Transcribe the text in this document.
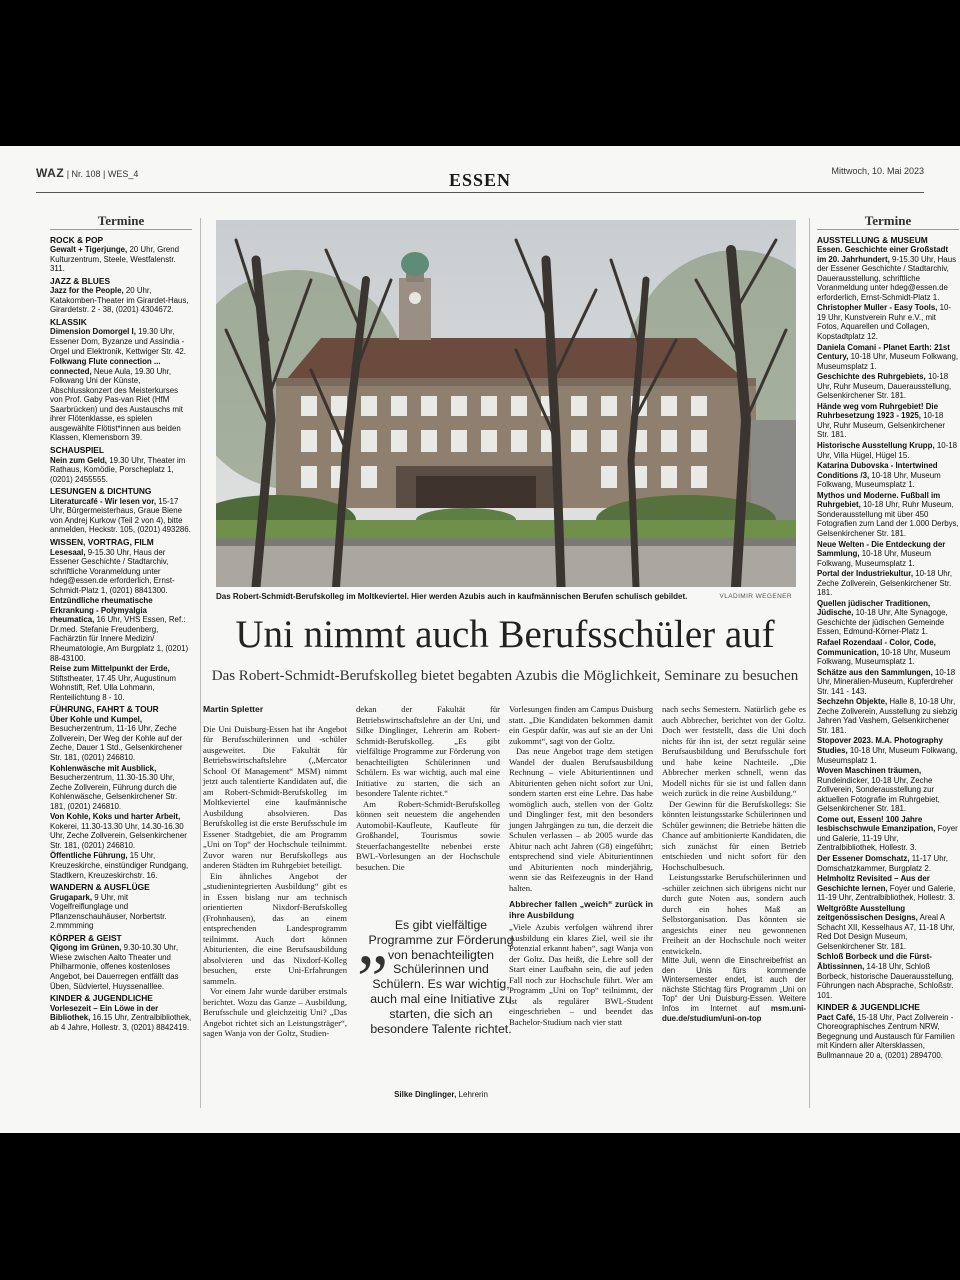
WAZ | Nr. 108 | WES_4	ESSEN	Mittwoch, 10. Mai 2023
Termine
ROCK & POP
Gewalt + Tigerjunge, 20 Uhr, Grend Kulturzentrum, Steele, Westfalenstr. 311.
JAZZ & BLUES
Jazz for the People, 20 Uhr, Katakomben-Theater im Girardet-Haus, Girardetstr. 2 - 38, (0201) 4304672.
KLASSIK
Dimension Domorgel I, 19.30 Uhr, Essener Dom, Byzanze und Assindia - Orgel und Elektronik, Kettwiger Str. 42.
Folkwang Flute connection ... connected, Neue Aula, 19.30 Uhr, Folkwang Uni der Künste, Abschlusskonzert des Meisterkurses von Prof. Gaby Pas-van Riet (HfM Saarbrücken) und des Austauschs mit ihrer Flötenklasse, es spielen ausgewählte Flötist*innen aus beiden Klassen, Klemensborn 39.
SCHAUSPIEL
Nein zum Geld, 19.30 Uhr, Theater im Rathaus, Komödie, Porscheplatz 1, (0201) 2455555.
LESUNGEN & DICHTUNG
Literaturcafé - Wir lesen vor, 15-17 Uhr, Bürgermeisterhaus, Graue Biene von Andrej Kurkow (Teil 2 von 4), bitte anmelden, Heckstr. 105, (0201) 493286.
WISSEN, VORTRAG, FILM
Lesesaal, 9-15.30 Uhr, Haus der Essener Geschichte / Stadtarchiv, schriftliche Voranmeldung unter hdeg@essen.de erforderlich, Ernst-Schmidt-Platz 1, (0201) 8841300.
Entzündliche rheumatische Erkrankung - Polymyalgia rheumatica, 16 Uhr, VHS Essen, Ref.: Dr.med. Stefanie Freudenberg, Fachärztin für Innere Medizin/ Rheumatologie, Am Burgplatz 1, (0201) 88-43100.
Reise zum Mittelpunkt der Erde, Stiftstheater, 17.45 Uhr, Augustinum Wohnstift, Ref. Ulla Lohmann, Renteilichtung 8 - 10.
FÜHRUNG, FAHRT & TOUR
Über Kohle und Kumpel, Besucherzentrum, 11-16 Uhr, Zeche Zollverein, Der Weg der Kohle auf der Zeche, Dauer 1 Std., Gelsenkirchener Str. 181, (0201) 246810.
Kohlenwäsche mit Ausblick, Besucherzentrum, 11.30-15.30 Uhr, Zeche Zollverein, Führung durch die Kohlenwäsche, Gelsenkirchener Str. 181, (0201) 246810.
Von Kohle, Koks und harter Arbeit, Kokerei, 11.30-13.30 Uhr, 14.30-16.30 Uhr, Zeche Zollverein, Gelsenkirchener Str. 181, (0201) 246810.
Öffentliche Führung, 15 Uhr, Kreuzeskirche, einstündiger Rundgang, Stadtkern, Kreuzeskirchstr. 16.
WANDERN & AUSFLÜGE
Grugapark, 9 Uhr, mit Vogelfreiflunglage und Pflanzenschauhäuser, Norbertstr. 2.mmmming
KÖRPER & GEIST
Qigong im Grünen, 9.30-10.30 Uhr, Wiese zwischen Aalto Theater und Philharmonie, offenes kostenloses Angebot, bei Dauerregen entfällt das Üben, Südviertel, Huyssenalllee.
KINDER & JUGENDLICHE
Vorlesezeit – Ein Löwe in der Bibliothek, 16.15 Uhr, Zentralbibliothek, ab 4 Jahre, Hollestr. 3, (0201) 8842419.
Termine
AUSSTELLUNG & MUSEUM
Essen. Geschichte einer Großstadt im 20. Jahrhundert, 9-15.30 Uhr, Haus der Essener Geschichte / Stadtarchiv, Dauerausstellung, schriftliche Voranmeldung unter hdeg@essen.de erforderlich, Ernst-Schmidt-Platz 1.
Christopher Muller - Easy Tools, 10-19 Uhr, Kunstverein Ruhr e.V., mit Fotos, Aquarellen und Collagen, Kopstadtplatz 12.
Daniela Comani - Planet Earth: 21st Century, 10-18 Uhr, Museum Folkwang, Museumsplatz 1.
Geschichte des Ruhrgebiets, 10-18 Uhr, Ruhr Museum, Dauerausstellung, Gelsenkirchener Str. 181.
Hände weg vom Ruhrgebiet! Die Ruhrbesetzung 1923 - 1925, 10-18 Uhr, Ruhr Museum, Gelsenkirchener Str. 181.
Historische Ausstellung Krupp, 10-18 Uhr, Villa Hügel, Hügel 15.
Katarina Dubovska - Intertwined Conditions /3, 10-18 Uhr, Museum Folkwang, Museumsplatz 1.
Mythos und Moderne. Fußball im Ruhrgebiet, 10-18 Uhr, Ruhr Museum, Sonderausstellung mit über 450 Fotografien zum Land der 1.000 Derbys, Gelsenkirchener Str. 181.
Neue Welten - Die Entdeckung der Sammlung, 10-18 Uhr, Museum Folkwang, Museumsplatz 1.
Portal der Industriekultur, 10-18 Uhr, Zeche Zollverein, Gelsenkirchener Str. 181.
Quellen jüdischer Traditionen, Jüdische, 10-18 Uhr, Alte Synagoge, Geschichte der jüdischen Gemeinde Essen, Edmund-Körner-Platz 1.
Rafael Rozendaal - Color, Code, Communication, 10-18 Uhr, Museum Folkwang, Museumsplatz 1.
Schätze aus den Sammlungen, 10-18 Uhr, Mineralien-Museum, Kupferdreher Str. 141 - 143.
Sechzehn Objekte, Halle 8, 10-18 Uhr, Zeche Zollverein, Ausstellung zu siebzig Jahren Yad Vashem, Gelsenkirchener Str. 181.
Stopover 2023. M.A. Photography Studies, 10-18 Uhr, Museum Folkwang, Museumsplatz 1.
Woven Maschinen träumen, Rundeindicker, 10-18 Uhr, Zeche Zollverein, Sonderausstellung zur aktuellen Fotografie im Ruhrgebiet, Gelsenkirchener Str. 181.
Come out, Essen! 100 Jahre lesbischschwule Emanzipation, Foyer und Galerie, 11-19 Uhr, Zentralbibliothek, Hollestr. 3.
Der Essener Domschatz, 11-17 Uhr, Domschatzkammer, Burgplatz 2.
Helmholtz Revisited – Aus der Geschichte lernen, Foyer und Galerie, 11-19 Uhr, Zentralbibliothek, Hollestr. 3.
Weltgrößte Ausstellung zeitgenössischen Designs, Areal A Schacht XII, Kesselhaus A7, 11-18 Uhr, Red Dot Design Museum, Gelsenkirchener Str. 181.
Schloß Borbeck und die Fürst-Äbtissinnen, 14-18 Uhr, Schloß Borbeck, historische Dauerausstellung, Führungen nach Absprache, Schloßstr. 101.
KINDER & JUGENDLICHE
Pact Café, 15-18 Uhr, Pact Zollverein - Choreographisches Zentrum NRW, Begegnung und Austausch für Familien mit Kindern aller Altersklassen, Bullmannaue 20 a, (0201) 2894700.
Das Robert-Schmidt-Berufskolleg im Moltkeviertel. Hier werden Azubis auch in kaufmännischen Berufen schulisch gebildet.	VLADIMIR WEGENER
Uni nimmt auch Berufsschüler auf
Das Robert-Schmidt-Berufskolleg bietet begabten Azubis die Möglichkeit, Seminare zu besuchen
Martin Spletter

Die Uni Duisburg-Essen hat ihr Angebot für Berufsschülerinnen und -schüler ausgeweitet. Die Fakultät für Betriebswirtschaftslehre („Mercator School Of Management“ MSM) nimmt jetzt auch talentierte Kandidaten auf, die am Robert-Schmidt-Berufskolleg im Moltkeviertel eine kaufmännische Ausbildung absolvieren. Das Berufskolleg ist die erste Berufsschule im Essener Stadtgebiet, die am Programm „Uni on Top“ der Hochschule teilnimmt. Zuvor waren nur Berufskollegs aus anderen Städten im Ruhrgebiet beteiligt.

Ein ähnliches Angebot der „studienintegrierten Ausbildung“ gibt es in Essen bislang nur am technisch orientierten Nixdorf-Berufskolleg (Frohnhausen), das an einem entsprechenden Landesprogramm teilnimmt. Auch dort können Abiturienten, die eine Berufsausbildung absolvieren und das Nixdorf-Kolleg besuchen, erste Uni-Erfahrungen sammeln.

Vor einem Jahr wurde darüber erstmals berichtet. Wozu das Ganze – Ausbildung, Berufsschule und gleichzeitig Uni? „Das Angebot richtet sich an Leistungsträger“, sagen Wanja von der Goltz, Studien-

dekan der Fakultät für Betriebswirtschaftslehre an der Uni, und Silke Dinglinger, Lehrerin am Robert-Schmidt-Berufskolleg. „Es gibt vielfältige Programme zur Förderung von benachteiligten Schülerinnen und Schülern. Es war wichtig, auch mal eine Initiative zu starten, die sich an besondere Talente richtet.“

Am Robert-Schmidt-Berufskolleg können seit neuestem die angehenden Automobil-Kaufleute, Kaufleute für Großhandel, Tourismus sowie Steuerfachangestellte nebenbei erste BWL-Vorlesungen an der Hochschule besuchen. Die

„ Es gibt vielfältige Programme zur Förderung von benachteiligten Schülerinnen und Schülern. Es war wichtig, auch mal eine Initiative zu starten, die sich an besondere Talente richtet.
Silke Dinglinger, Lehrerin

Vorlesungen finden am Campus Duisburg statt. „Die Kandidaten bekommen damit ein Gespür dafür, was auf sie an der Uni zukommt“, sagt von der Goltz.

Das neue Angebot trage dem stetigen Wandel der dualen Berufsausbildung Rechnung – viele Abiturientinnen und Abiturienten gehen nicht sofort zur Uni, sondern starten erst eine Lehre. Das habe womöglich auch, stellen von der Goltz und Dinglinger fest, mit den besonders jungen Jahrgängen zu tun, die derzeit die Schulen verlassen – ab 2005 wurde das Abitur nach acht Jahren (G8) eingeführt; entsprechend sind viele Abiturientinnen und Abiturienten noch minderjährig, wenn sie das Reifezeugnis in der Hand halten.

Abbrecher fallen „weich“ zurück in ihre Ausbildung

„Viele Azubis verfolgen während ihrer Ausbildung ein klares Ziel, weil sie ihr Potenzial erkannt haben“, sagt Wanja von der Goltz. Das heißt, die Lehre soll der Start einer Laufbahn sein, die auf jeden Fall noch zur Hochschule führt. Wer am Programm „Uni on Top“ teilnimmt, der ist als regulärer BWL-Student eingeschrieben – und beendet das Bachelor-Studium nach vier statt

nach sechs Semestern. Natürlich gebe es auch Abbrecher, berichtet von der Goltz. Doch wer feststellt, dass die Uni doch nichts für ihn ist, der setzt regulär seine Berufsausbildung und Berufsschule fort und habe keine Nachteile. „Die Abbrecher merken schnell, wenn das Modell nichts für sie ist und fallen dann weich zurück in die reine Ausbildung.“

Der Gewinn für die Berufskollegs: Sie könnten leistungsstarke Schülerinnen und Schüler gewinnen; die Betriebe hätten die Chance auf ambitionierte Kandidaten, die sich zunächst für einen Betrieb entschieden und nicht sofort für den Hochschulbesuch.

Leistungsstarke Berufschülerinnen und -schüler zeichnen sich übrigens nicht nur durch gute Noten aus, sondern auch durch ein hohes Maß an Selbstorganisation. Das könnten sie angesichts einer neu gewonnenen Freiheit an der Hochschule noch weiter entwickeln.

Mitte Juli, wenn die Einschreibefrist an den Unis fürs kommende Wintersemester endet, ist auch der nächste Stichtag fürs Programm „Uni on Top“ der Uni Duisburg-Essen. Weitere Infos im Internet auf msm.uni-due.de/studium/uni-on-top
